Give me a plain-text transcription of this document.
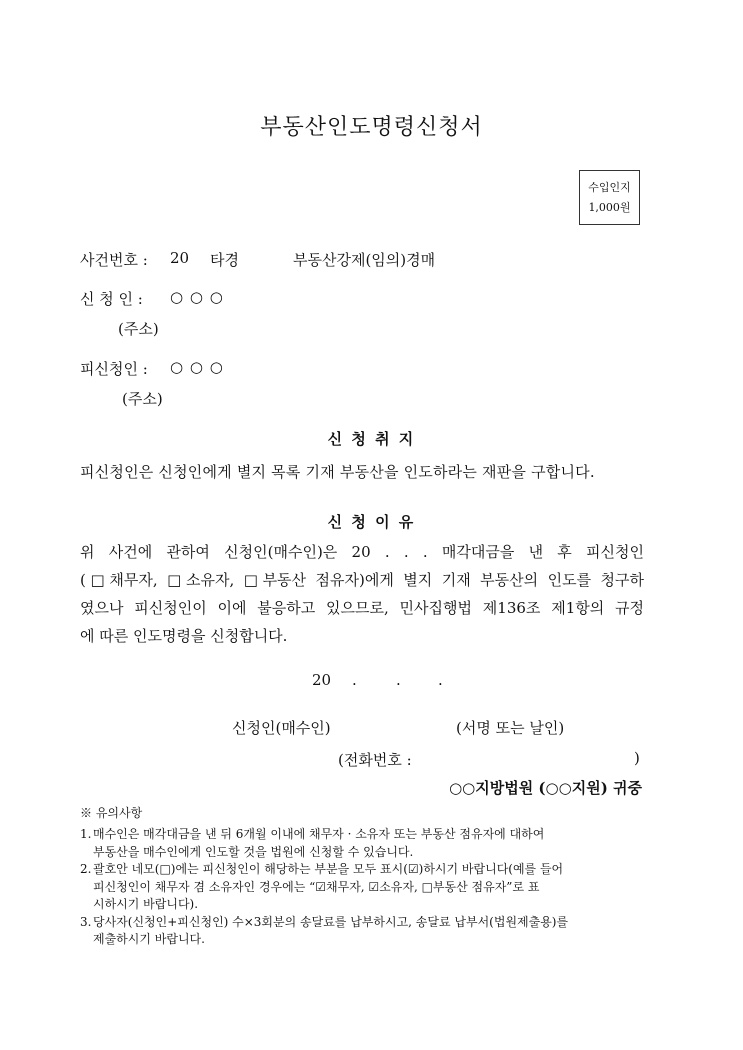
부동산인도명령신청서
수입인지
1,000원
사건번호 : 20 타경	부동산강제(임의)경매
신 청 인 : ○ ○ ○
(주소)
피신청인 : ○ ○ ○
(주소)
신 청 취 지
피신청인은 신청인에게 별지 목록 기재 부동산을 인도하라는 재판을 구합니다.
신 청 이 유

위 사건에 관하여 신청인(매수인)은 20 . . . 매각대금을 낸 후 피신청인

(□채무자, □소유자, □부동산 점유자)에게 별지 기재 부동산의 인도를 청구하

였으나 피신청인이 이에 불응하고 있으므로, 민사집행법 제136조 제1항의 규정

에 따른 인도명령을 신청합니다.

20 .	. .
신청인(매수인)	(서명 또는 날인)
(전화번호 :	)
○○지방법원 (○○지원) 귀중
※ 유의사항
1. 매수인은 매각대금을 낸 뒤 6개월 이내에 채무자 · 소유자 또는 부동산 점유자에 대하여
부동산을 매수인에게 인도할 것을 법원에 신청할 수 있습니다.
2. 괄호안 네모(□)에는 피신청인이 해당하는 부분을 모두 표시(☑)하시기 바랍니다(예를 들어
피신청인이 채무자 겸 소유자인 경우에는 “☑채무자, ☑소유자, □부동산 점유자”로 표
시하시기 바랍니다).
3. 당사자(신청인+피신청인) 수×3회분의 송달료를 납부하시고, 송달료 납부서(법원제출용)를
제출하시기 바랍니다.
